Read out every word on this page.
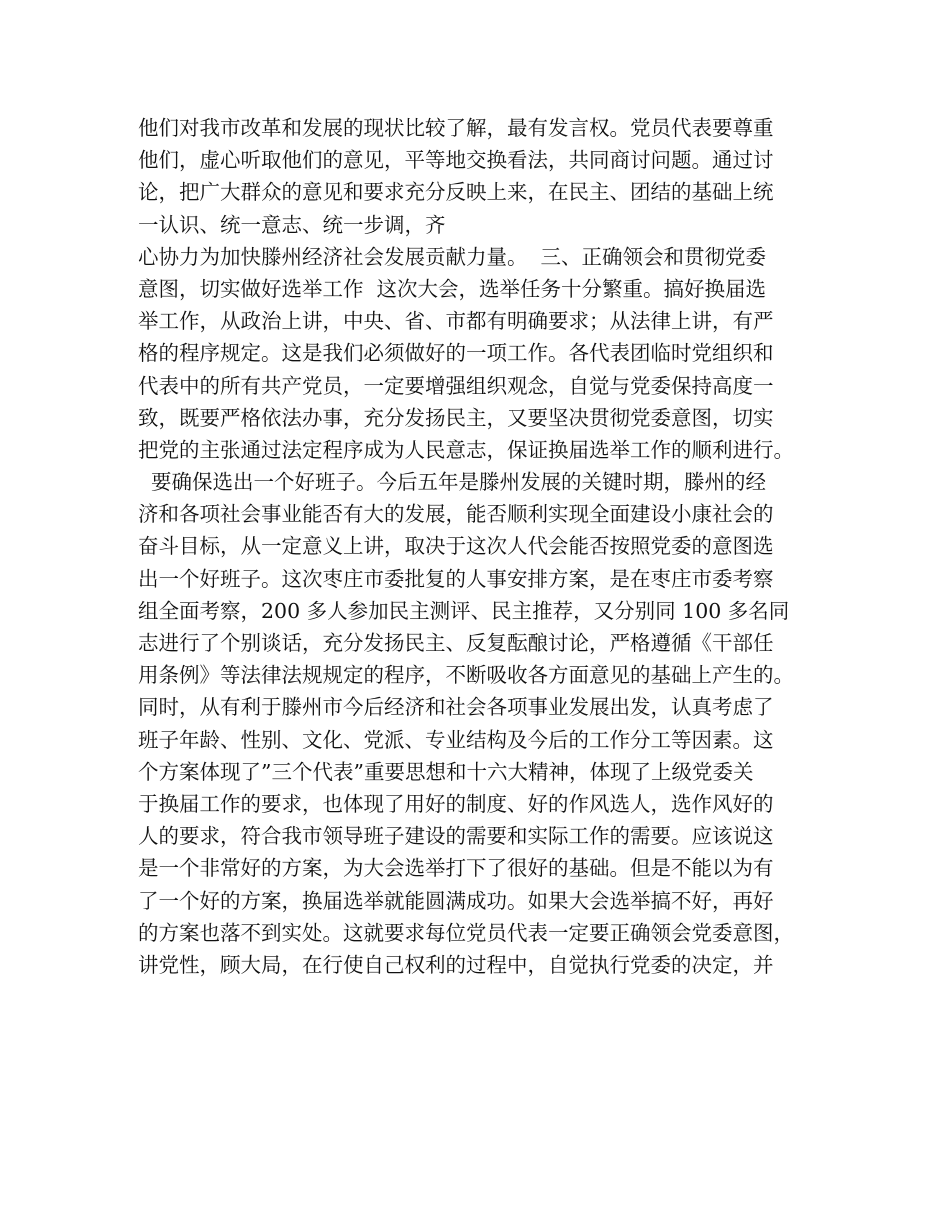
他们对我市改革和发展的现状比较了解，最有发言权。党员代表要尊重
他们，虚心听取他们的意见，平等地交换看法，共同商讨问题。通过讨
论，把广大群众的意见和要求充分反映上来，在民主、团结的基础上统
一认识、统一意志、统一步调，齐
心协力为加快滕州经济社会发展贡献力量。  三、正确领会和贯彻党委
意图，切实做好选举工作  这次大会，选举任务十分繁重。搞好换届选
举工作，从政治上讲，中央、省、市都有明确要求；从法律上讲，有严
格的程序规定。这是我们必须做好的一项工作。各代表团临时党组织和
代表中的所有共产党员，一定要增强组织观念，自觉与党委保持高度一
致，既要严格依法办事，充分发扬民主，又要坚决贯彻党委意图，切实
把党的主张通过法定程序成为人民意志，保证换届选举工作的顺利进行。
要确保选出一个好班子。今后五年是滕州发展的关键时期，滕州的经
济和各项社会事业能否有大的发展，能否顺利实现全面建设小康社会的
奋斗目标，从一定意义上讲，取决于这次人代会能否按照党委的意图选
出一个好班子。这次枣庄市委批复的人事安排方案，是在枣庄市委考察
组全面考察，200 多人参加民主测评、民主推荐，又分别同 100 多名同
志进行了个别谈话，充分发扬民主、反复酝酿讨论，严格遵循《干部任
用条例》等法律法规规定的程序，不断吸收各方面意见的基础上产生的。
同时，从有利于滕州市今后经济和社会各项事业发展出发，认真考虑了
班子年龄、性别、文化、党派、专业结构及今后的工作分工等因素。这
个方案体现了”三个代表”重要思想和十六大精神，体现了上级党委关
于换届工作的要求，也体现了用好的制度、好的作风选人，选作风好的
人的要求，符合我市领导班子建设的需要和实际工作的需要。应该说这
是一个非常好的方案，为大会选举打下了很好的基础。但是不能以为有
了一个好的方案，换届选举就能圆满成功。如果大会选举搞不好，再好
的方案也落不到实处。这就要求每位党员代表一定要正确领会党委意图，
讲党性，顾大局，在行使自己权利的过程中，自觉执行党委的决定，并
